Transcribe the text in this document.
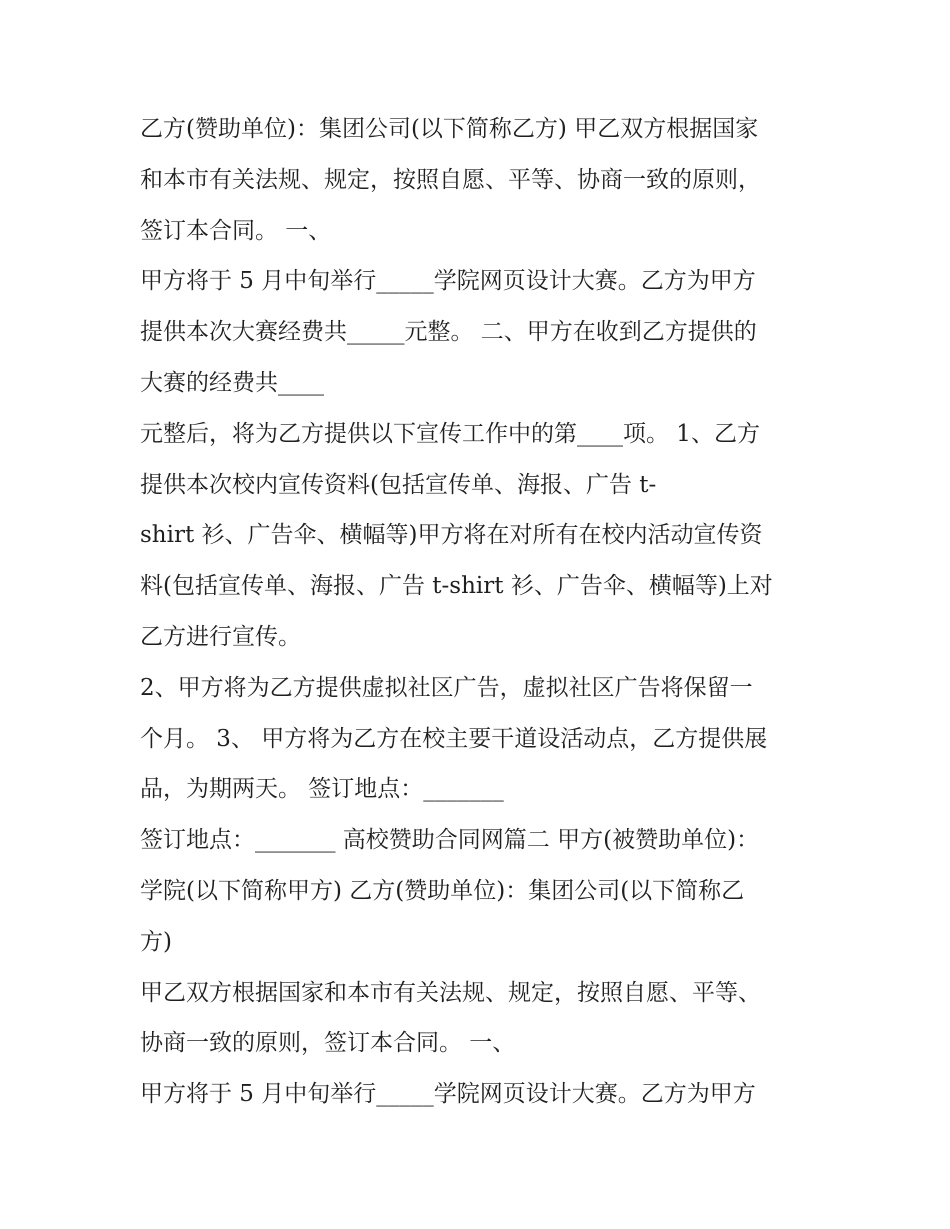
乙方(赞助单位)：集团公司(以下简称乙方) 甲乙双方根据国家
和本市有关法规、规定，按照自愿、平等、协商一致的原则，
签订本合同。 一、
甲方将于 5 月中旬举行_____学院网页设计大赛。乙方为甲方
提供本次大赛经费共_____元整。 二、甲方在收到乙方提供的
大赛的经费共____
元整后，将为乙方提供以下宣传工作中的第____项。 1、乙方
提供本次校内宣传资料(包括宣传单、海报、广告 t-
shirt 衫、广告伞、横幅等)甲方将在对所有在校内活动宣传资
料(包括宣传单、海报、广告 t-shirt 衫、广告伞、横幅等)上对
乙方进行宣传。
2、甲方将为乙方提供虚拟社区广告，虚拟社区广告将保留一
个月。 3、 甲方将为乙方在校主要干道设活动点，乙方提供展
品，为期两天。 签订地点：_______
签订地点：_______ 高校赞助合同网篇二 甲方(被赞助单位)：
学院(以下简称甲方) 乙方(赞助单位)：集团公司(以下简称乙
方)
甲乙双方根据国家和本市有关法规、规定，按照自愿、平等、
协商一致的原则，签订本合同。 一、
甲方将于 5 月中旬举行_____学院网页设计大赛。乙方为甲方
